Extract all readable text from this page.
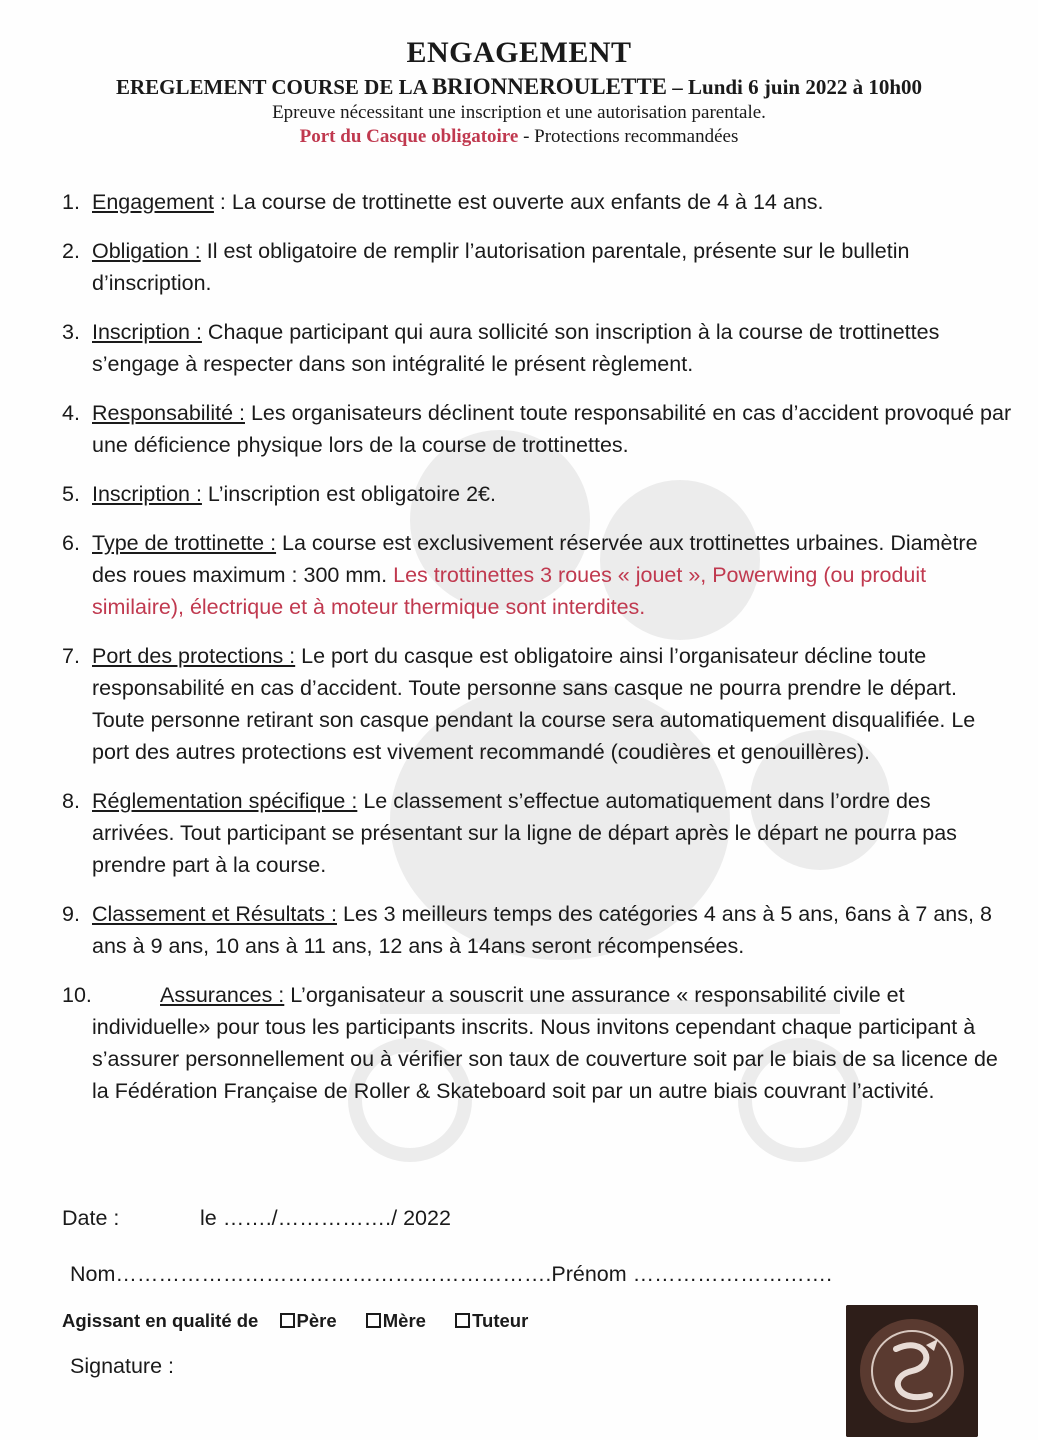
ENGAGEMENT
EREGLEMENT COURSE DE LA BRIONNEROULETTE – Lundi 6 juin 2022 à 10h00
Epreuve nécessitant une inscription et une autorisation parentale.
Port du Casque obligatoire - Protections recommandées
1. Engagement : La course de trottinette est ouverte aux enfants de 4 à 14 ans.
2. Obligation : Il est obligatoire de remplir l’autorisation parentale, présente sur le bulletin d’inscription.
3. Inscription : Chaque participant qui aura sollicité son inscription à la course de trottinettes s’engage à respecter dans son intégralité le présent règlement.
4. Responsabilité : Les organisateurs déclinent toute responsabilité en cas d’accident provoqué par une déficience physique lors de la course de trottinettes.
5. Inscription : L’inscription est obligatoire 2€.
6. Type de trottinette : La course est exclusivement réservée aux trottinettes urbaines. Diamètre des roues maximum : 300 mm. Les trottinettes 3 roues « jouet », Powerwing (ou produit similaire), électrique et à moteur thermique sont interdites.
7. Port des protections : Le port du casque est obligatoire ainsi l’organisateur décline toute responsabilité en cas d’accident. Toute personne sans casque ne pourra prendre le départ. Toute personne retirant son casque pendant la course sera automatiquement disqualifiée. Le port des autres protections est vivement recommandé (coudières et genouillères).
8. Réglementation spécifique : Le classement s’effectue automatiquement dans l’ordre des arrivées. Tout participant se présentant sur la ligne de départ après le départ ne pourra pas prendre part à la course.
9. Classement et Résultats : Les 3 meilleurs temps des catégories 4 ans à 5 ans, 6ans à 7 ans, 8 ans à 9 ans, 10 ans à 11 ans, 12 ans à 14ans seront récompensées.
10.	Assurances : L’organisateur a souscrit une assurance « responsabilité civile et individuelle» pour tous les participants inscrits. Nous invitons cependant chaque participant à s’assurer personnellement ou à vérifier son taux de couverture soit par le biais de sa licence de la Fédération Française de Roller & Skateboard soit par un autre biais couvrant l’activité.
Date :	le ……./……………./ 2022
Nom…………………………………………………….Prénom ……………………….
Agissant en qualité de Père Mère Tuteur
Signature :
